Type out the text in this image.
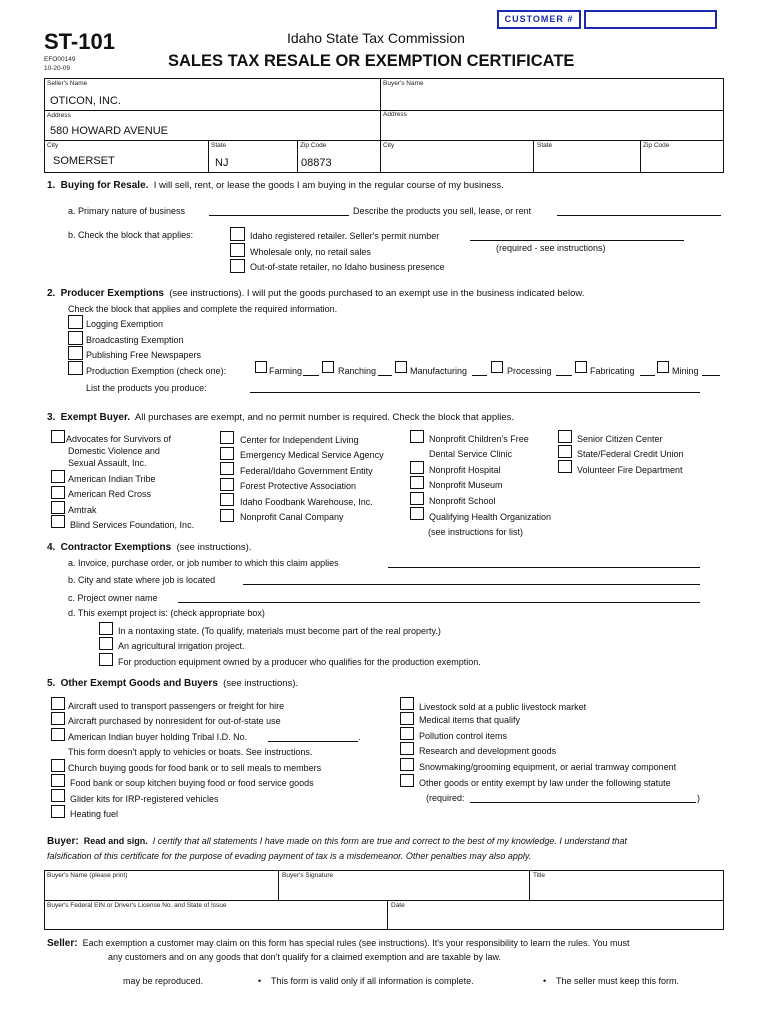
CUSTOMER #
ST-101
EFO00149
10-20-09
Idaho State Tax Commission
SALES TAX RESALE OR EXEMPTION CERTIFICATE
Seller's Name	Buyer's Name
OTICON, INC.
Address	Address
580 HOWARD AVENUE
City	State	Zip Code	City	State	Zip Code
SOMERSET	NJ	08873
1. Buying for Resale. I will sell, rent, or lease the goods I am buying in the regular course of my business.
a. Primary nature of business	Describe the products you sell, lease, or rent
b. Check the block that applies:	Idaho registered retailer. Seller's permit number
(required - see instructions)
Wholesale only, no retail sales
Out-of-state retailer, no Idaho business presence
2. Producer Exemptions (see instructions). I will put the goods purchased to an exempt use in the business indicated below.
Check the block that applies and complete the required information.
Logging Exemption
Broadcasting Exemption
Publishing Free Newspapers
Production Exemption (check one):	Farming	Ranching	Manufacturing	Processing	Fabricating	Mining
List the products you produce:
3. Exempt Buyer. All purchases are exempt, and no permit number is required. Check the block that applies.
Advocates for Survivors of
Domestic Violence and
Sexual Assault, Inc.
American Indian Tribe
American Red Cross
Amtrak
Blind Services Foundation, Inc.
Center for Independent Living
Emergency Medical Service Agency
Federal/Idaho Government Entity
Forest Protective Association
Idaho Foodbank Warehouse, Inc.
Nonprofit Canal Company
Nonprofit Children's Free
Dental Service Clinic
Nonprofit Hospital
Nonprofit Museum
Nonprofit School
Qualifying Health Organization
(see instructions for list)
Senior Citizen Center
State/Federal Credit Union
Volunteer Fire Department
4. Contractor Exemptions (see instructions).
a. Invoice, purchase order, or job number to which this claim applies
b. City and state where job is located
c. Project owner name
d. This exempt project is: (check appropriate box)
In a nontaxing state. (To qualify, materials must become part of the real property.)
An agricultural irrigation project.
For production equipment owned by a producer who qualifies for the production exemption.
5. Other Exempt Goods and Buyers (see instructions).
Aircraft used to transport passengers or freight for hire
Aircraft purchased by nonresident for out-of-state use
American Indian buyer holding Tribal I.D. No.	.
This form doesn't apply to vehicles or boats. See instructions.
Church buying goods for food bank or to sell meals to members
Food bank or soup kitchen buying food or food service goods
Glider kits for IRP-registered vehicles
Heating fuel
Livestock sold at a public livestock market
Medical items that qualify
Pollution control items
Research and development goods
Snowmaking/grooming equipment, or aerial tramway component
Other goods or entity exempt by law under the following statute
(required:	)
Buyer: Read and sign. I certify that all statements I have made on this form are true and correct to the best of my knowledge. I understand that
falsification of this certificate for the purpose of evading payment of tax is a misdemeanor. Other penalties may also apply.
Buyer's Name (please print)	Buyer's Signature	Title
Buyer's Federal EIN or Driver's License No. and State of Issue	Date
Seller: Each exemption a customer may claim on this form has special rules (see instructions). It's your responsibility to learn the rules. You must
any customers and on any goods that don't qualify for a claimed exemption and are taxable by law.
may be reproduced.	• This form is valid only if all information is complete.	• The seller must keep this form.
